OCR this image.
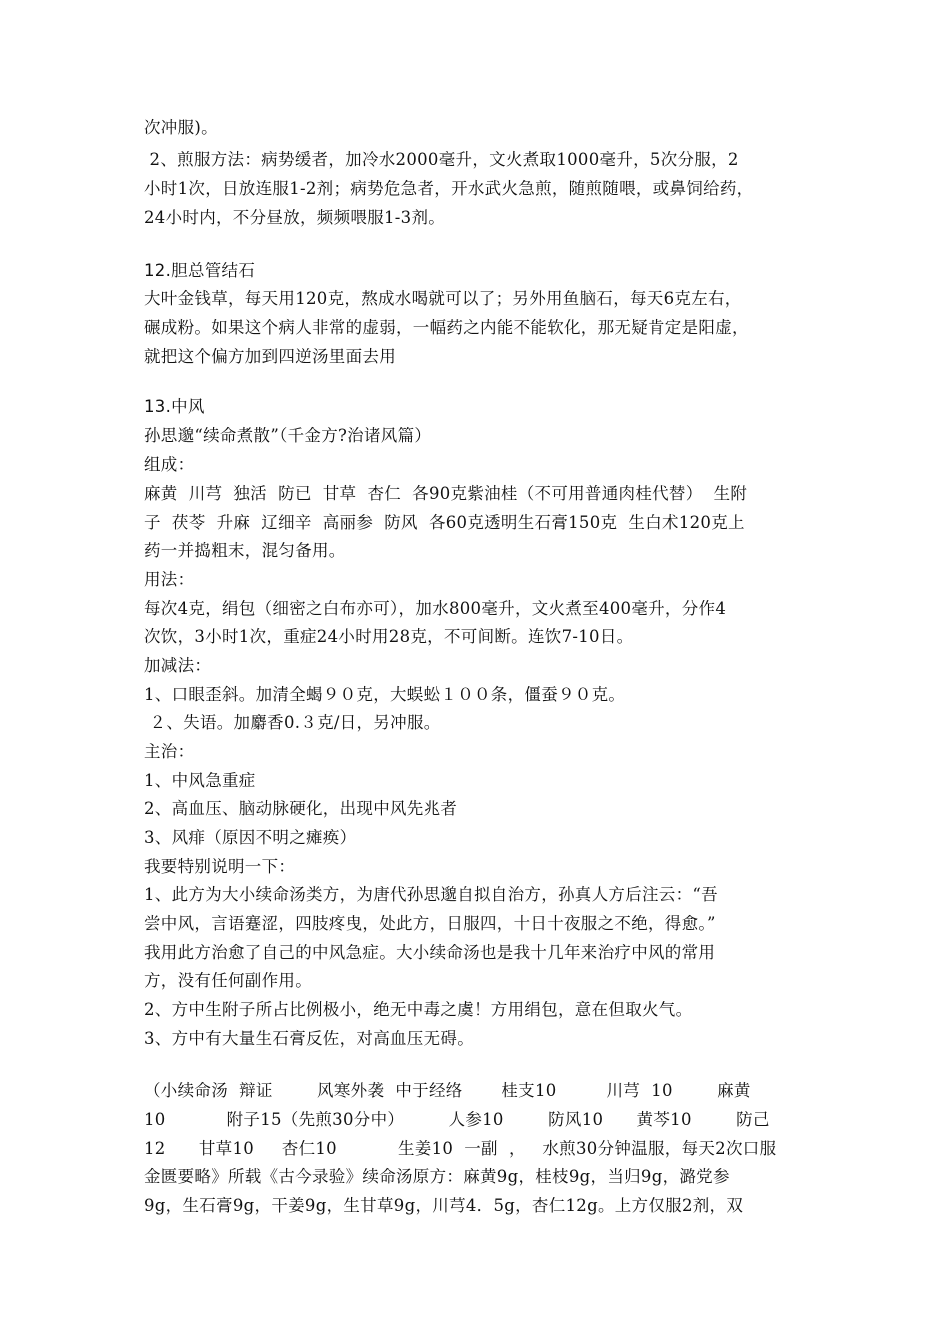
次冲服)。

2、煎服方法：病势缓者，加冷水2000毫升，文火煮取1000毫升，5次分服，2

小时1次，日放连服1-2剂；病势危急者，开水武火急煎，随煎随喂，或鼻饲给药，

24小时内，不分昼放，频频喂服1-3剂。

12.胆总管结石

大叶金钱草，每天用120克，熬成水喝就可以了；另外用鱼脑石，每天6克左右，

碾成粉。如果这个病人非常的虚弱，一幅药之内能不能软化，那无疑肯定是阳虚，

就把这个偏方加到四逆汤里面去用

13.中风

孙思邈“续命煮散”（千金方?治诸风篇）

组成：

麻黄  川芎  独活  防已  甘草  杏仁  各90克紫油桂（不可用普通肉桂代替）  生附

子  茯苓  升麻  辽细辛  高丽参  防风  各60克透明生石膏150克  生白术120克上

药一并捣粗末，混匀备用。

用法：

每次4克，绢包（细密之白布亦可），加水800毫升，文火煮至400毫升，分作4

次饮，3小时1次，重症24小时用28克，不可间断。连饮7-10日。

加减法：

1、口眼歪斜。加清全蝎９０克，大蜈蚣１００条，僵蚕９０克。

２、失语。加麝香0.３克/日，另冲服。

主治：

1、中风急重症

2、高血压、脑动脉硬化，出现中风先兆者

3、风痱（原因不明之瘫痪）

我要特别说明一下：

1、此方为大小续命汤类方，为唐代孙思邈自拟自治方，孙真人方后注云：“吾

尝中风，言语蹇涩，四肢疼曳，处此方，日服四，十日十夜服之不绝，得愈。”

我用此方治愈了自己的中风急症。大小续命汤也是我十几年来治疗中风的常用

方，没有任何副作用。

2、方中生附子所占比例极小，绝无中毒之虞！方用绢包，意在但取火气。

3、方中有大量生石膏反佐，对高血压无碍。

（小续命汤  辩证        风寒外袭  中于经络       桂支10         川芎  10        麻黄

10           附子15（先煎30分中）        人参10        防风10      黄芩10        防己

12      甘草10     杏仁10           生姜10  一副  ，   水煎30分钟温服，每天2次口服

金匮要略》所载《古今录验》续命汤原方：麻黄9g，桂枝9g，当归9g，潞党参

9g，生石膏9g，干姜9g，生甘草9g，川芎4．5g，杏仁12g。上方仅服2剂，双
